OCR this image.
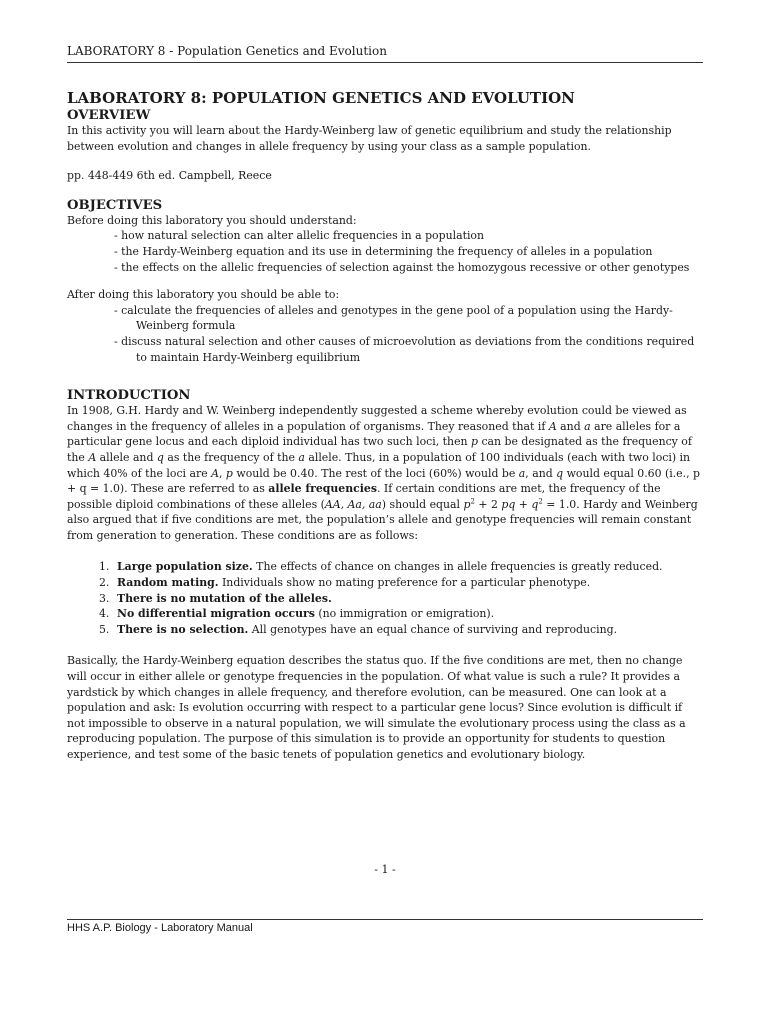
LABORATORY 8 - Population Genetics and Evolution

LABORATORY 8: POPULATION GENETICS AND EVOLUTION

OVERVIEW

In this activity you will learn about the Hardy-Weinberg law of genetic equilibrium and study the relationship between evolution and changes in allele frequency by using your class as a sample population.

pp. 448-449 6th ed. Campbell, Reece

OBJECTIVES

Before doing this laboratory you should understand:

- how natural selection can alter allelic frequencies in a population
- the Hardy-Weinberg equation and its use in determining the frequency of alleles in a population
- the effects on the allelic frequencies of selection against the homozygous recessive or other genotypes

After doing this laboratory you should be able to:

- calculate the frequencies of alleles and genotypes in the gene pool of a population using the Hardy-
Weinberg formula
- discuss natural selection and other causes of microevolution as deviations from the conditions required
to maintain Hardy-Weinberg equilibrium

INTRODUCTION

In 1908, G.H. Hardy and W. Weinberg independently suggested a scheme whereby evolution could be viewed as changes in the frequency of alleles in a population of organisms. They reasoned that if A and a are alleles for a particular gene locus and each diploid individual has two such loci, then p can be designated as the frequency of the A allele and q as the frequency of the a allele. Thus, in a population of 100 individuals (each with two loci) in which 40% of the loci are A, p would be 0.40. The rest of the loci (60%) would be a, and q would equal 0.60 (i.e., p + q = 1.0). These are referred to as allele frequencies. If certain conditions are met, the frequency of the possible diploid combinations of these alleles (AA, Aa, aa) should equal $p^2 + 2$ pq + $q^2 = 1.0$. Hardy and Weinberg also argued that if five conditions are met, the population’s allele and genotype frequencies will remain constant from generation to generation. These conditions are as follows:

1. Large population size. The effects of chance on changes in allele frequencies is greatly reduced.
2. Random mating. Individuals show no mating preference for a particular phenotype.
3. There is no mutation of the alleles.
4. No differential migration occurs (no immigration or emigration).
5. There is no selection. All genotypes have an equal chance of surviving and reproducing.

Basically, the Hardy-Weinberg equation describes the status quo. If the five conditions are met, then no change will occur in either allele or genotype frequencies in the population. Of what value is such a rule? It provides a yardstick by which changes in allele frequency, and therefore evolution, can be measured. One can look at a population and ask: Is evolution occurring with respect to a particular gene locus? Since evolution is difficult if not impossible to observe in a natural population, we will simulate the evolutionary process using the class as a reproducing population. The purpose of this simulation is to provide an opportunity for students to question experience, and test some of the basic tenets of population genetics and evolutionary biology.

- 1 -
HHS A.P. Biology - Laboratory Manual
